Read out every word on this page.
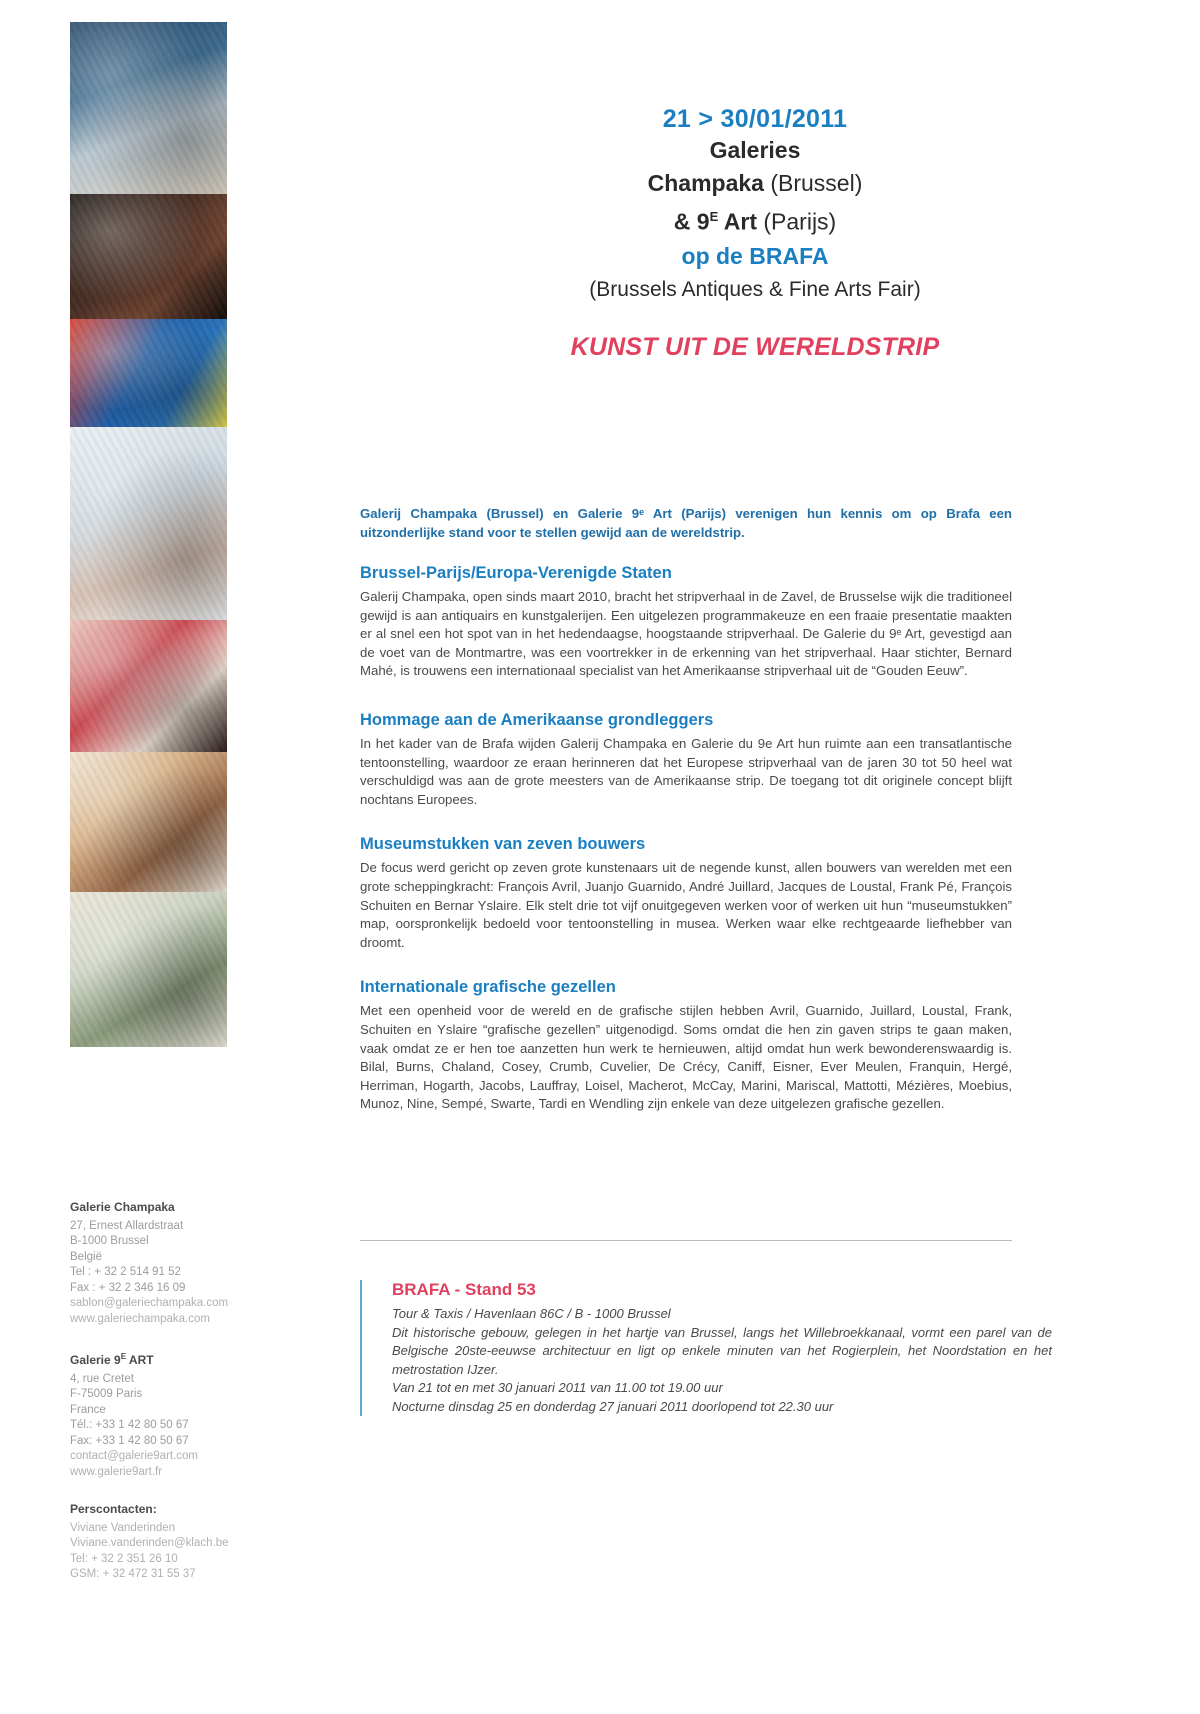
21 > 30/01/2011
Galeries
Champaka (Brussel)
& $9^E$ Art (Parijs)
op de BRAFA
(Brussels Antiques & Fine Arts Fair)
KUNST UIT DE WERELDSTRIP
Galerij Champaka (Brussel) en Galerie 9ᵉ Art (Parijs) verenigen hun kennis om op Brafa een uitzonderlijke stand voor te stellen gewijd aan de wereldstrip.
Brussel-Parijs/Europa-Verenigde Staten
Galerij Champaka, open sinds maart 2010, bracht het stripverhaal in de Zavel, de Brusselse wijk die traditioneel gewijd is aan antiquairs en kunstgalerijen. Een uitgelezen programmakeuze en een fraaie presentatie maakten er al snel een hot spot van in het hedendaagse, hoogstaande stripverhaal. De Galerie du 9ᵉ Art, gevestigd aan de voet van de Montmartre, was een voortrekker in de erkenning van het stripverhaal. Haar stichter, Bernard Mahé, is trouwens een internationaal specialist van het Amerikaanse stripverhaal uit de “Gouden Eeuw”.
Hommage aan de Amerikaanse grondleggers
In het kader van de Brafa wijden Galerij Champaka en Galerie du 9e Art hun ruimte aan een transatlantische tentoonstelling, waardoor ze eraan herinneren dat het Europese stripverhaal van de jaren 30 tot 50 heel wat verschuldigd was aan de grote meesters van de Amerikaanse strip. De toegang tot dit originele concept blijft nochtans Europees.
Museumstukken van zeven bouwers
De focus werd gericht op zeven grote kunstenaars uit de negende kunst, allen bouwers van werelden met een grote scheppingkracht: François Avril, Juanjo Guarnido, André Juillard, Jacques de Loustal, Frank Pé, François Schuiten en Bernar Yslaire. Elk stelt drie tot vijf onuitgegeven werken voor of werken uit hun “museumstukken” map, oorspronkelijk bedoeld voor tentoonstelling in musea. Werken waar elke rechtgeaarde liefhebber van droomt.
Internationale grafische gezellen
Met een openheid voor de wereld en de grafische stijlen hebben Avril, Guarnido, Juillard, Loustal, Frank, Schuiten en Yslaire “grafische gezellen” uitgenodigd. Soms omdat die hen zin gaven strips te gaan maken, vaak omdat ze er hen toe aanzetten hun werk te hernieuwen, altijd omdat hun werk bewonderenswaardig is. Bilal, Burns, Chaland, Cosey, Crumb, Cuvelier, De Crécy, Caniff, Eisner, Ever Meulen, Franquin, Hergé, Herriman, Hogarth, Jacobs, Lauffray, Loisel, Macherot, McCay, Marini, Mariscal, Mattotti, Mézières, Moebius, Munoz, Nine, Sempé, Swarte, Tardi en Wendling zijn enkele van deze uitgelezen grafische gezellen.
BRAFA - Stand 53
Tour & Taxis / Havenlaan 86C / B - 1000 Brussel
Dit historische gebouw, gelegen in het hartje van Brussel, langs het Willebroekkanaal, vormt een parel van de Belgische 20ste-eeuwse architectuur en ligt op enkele minuten van het Rogierplein, het Noordstation en het metrostation IJzer.
Van 21 tot en met 30 januari 2011 van 11.00 tot 19.00 uur
Nocturne dinsdag 25 en donderdag 27 januari 2011 doorlopend tot 22.30 uur
Galerie Champaka
27, Ernest Allardstraat
B-1000 Brussel
België
Tel : + 32 2 514 91 52
Fax : + 32 2 346 16 09
sablon@galeriechampaka.com
www.galeriechampaka.com
Galerie $9^E$ ART
4, rue Cretet
F-75009 Paris
France
Tél.: +33 1 42 80 50 67
Fax: +33 1 42 80 50 67
contact@galerie9art.com
www.galerie9art.fr
Perscontacten:
Viviane Vanderinden
Viviane.vanderinden@klach.be
Tel: + 32 2 351 26 10
GSM: + 32 472 31 55 37
